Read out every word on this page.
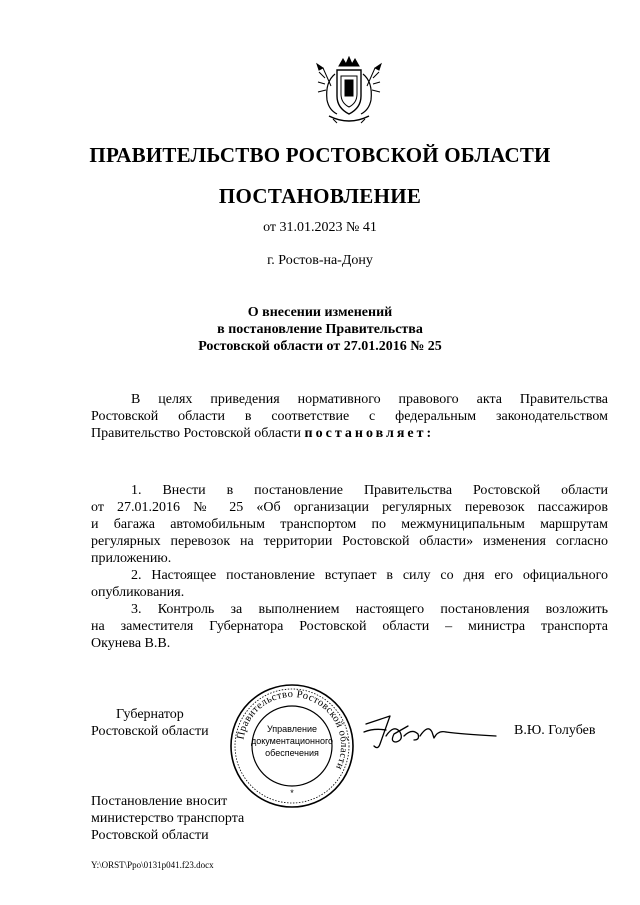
ПРАВИТЕЛЬСТВО РОСТОВСКОЙ ОБЛАСТИ
ПОСТАНОВЛЕНИЕ
от 31.01.2023 № 41
г. Ростов-на-Дону
О внесении изменений
в постановление Правительства
Ростовской области от 27.01.2016 № 25
В целях приведения нормативного правового акта Правительства
Ростовской области в соответствие с федеральным законодательством
Правительство Ростовской области постановляет:
1. Внести в постановление Правительства Ростовской области
от 27.01.2016 № 25 «Об организации регулярных перевозок пассажиров
и багажа автомобильным транспортом по межмуниципальным маршрутам
регулярных перевозок на территории Ростовской области» изменения согласно
приложению.
2. Настоящее постановление вступает в силу со дня его официального
опубликования.
3. Контроль за выполнением настоящего постановления возложить
на заместителя Губернатора Ростовской области – министра транспорта
Окунева В.В.
Губернатор
Ростовской области	Правительство Ростовской области
Управление
документационного
обеспечения
*
В.Ю. Голубев
Постановление вносит
министерство транспорта
Ростовской области
Y:\ORST\Ppo\0131p041.f23.docx
